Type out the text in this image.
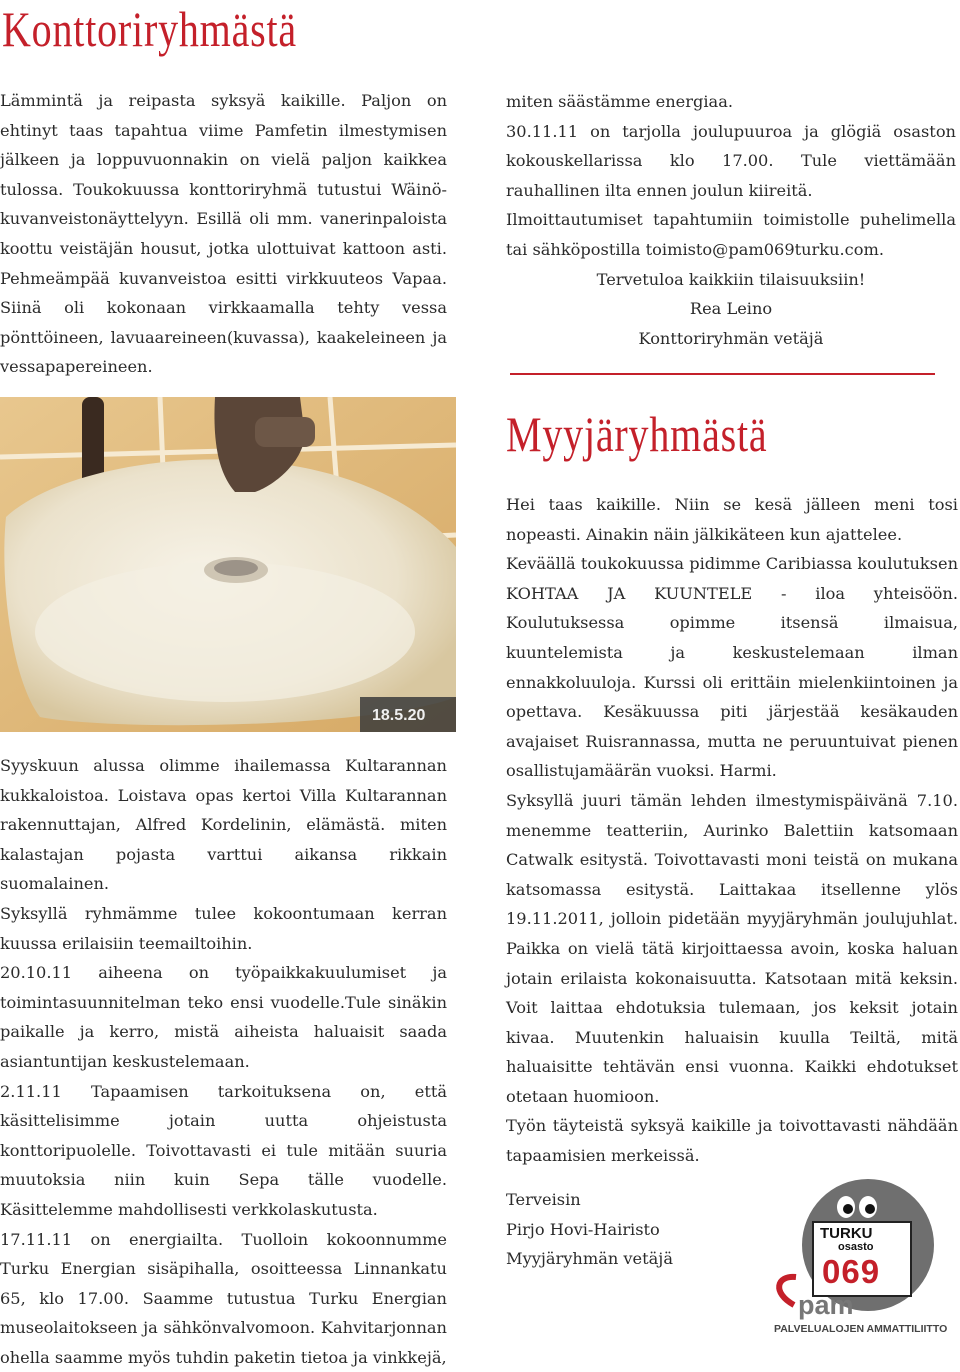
Konttoriryhmästä

Lämmintä ja reipasta syksyä kaikille. Paljon on ehtinyt taas tapahtua viime Pamfetin ilmestymisen jälkeen ja loppuvuonnakin on vielä paljon kaikkea tulossa. Toukokuussa konttoriryhmä tutustui Wäinö-kuvanveistonäyttelyyn. Esillä oli mm. vanerinpaloista koottu veistäjän housut, jotka ulottuivat kattoon asti. Pehmeämpää kuvanveistoa esitti virkkuuteos Vapaa. Siinä oli kokonaan virkkaamalla tehty vessa pönttöineen, lavuaareineen(kuvassa), kaakeleineen ja vessapapereineen.

18.5.20

Syyskuun alussa olimme ihailemassa Kultarannan kukkaloistoa. Loistava opas kertoi Villa Kultarannan rakennuttajan, Alfred Kordelinin, elämästä. miten kalastajan pojasta varttui aikansa rikkain suomalainen.

Syksyllä ryhmämme tulee kokoontumaan kerran kuussa erilaisiin teemailtoihin.

20.10.11 aiheena on työpaikkakuulumiset ja toimintasuunnitelman teko ensi vuodelle.Tule sinäkin paikalle ja kerro, mistä aiheista haluaisit saada asiantuntijan keskustelemaan.

2.11.11 Tapaamisen tarkoituksena on, että käsittelisimme jotain uutta ohjeistusta konttoripuolelle. Toivottavasti ei tule mitään suuria muutoksia niin kuin Sepa tälle vuodelle. Käsittelemme mahdollisesti verkkolaskutusta.

17.11.11 on energiailta. Tuolloin kokoonnumme Turku Energian sisäpihalla, osoitteessa Linnankatu 65, klo 17.00. Saamme tutustua Turku Energian museolaitokseen ja sähkönvalvomoon. Kahvitarjonnan ohella saamme myös tuhdin paketin tietoa ja vinkkejä,

miten säästämme energiaa.

30.11.11 on tarjolla joulupuuroa ja glögiä osaston kokouskellarissa klo 17.00. Tule viettämään rauhallinen ilta ennen joulun kiireitä.

Ilmoittautumiset tapahtumiin toimistolle puhelimella tai sähköpostilla toimisto@pam069turku.com.

Tervetuloa kaikkiin tilaisuuksiin!

Rea Leino

Konttoriryhmän vetäjä

Myyjäryhmästä

Hei taas kaikille. Niin se kesä jälleen meni tosi nopeasti. Ainakin näin jälkikäteen kun ajattelee.

Keväällä toukokuussa pidimme Caribiassa koulutuksen KOHTAA JA KUUNTELE - iloa yhteisöön. Koulutuksessa opimme itsensä ilmaisua, kuuntelemista ja keskustelemaan ilman ennakkoluuloja. Kurssi oli erittäin mielenkiintoinen ja opettava. Kesäkuussa piti järjestää kesäkauden avajaiset Ruisrannassa, mutta ne peruuntuivat pienen osallistujamäärän vuoksi. Harmi.

Syksyllä juuri tämän lehden ilmestymispäivänä 7.10. menemme teatteriin, Aurinko Balettiin katsomaan Catwalk esitystä. Toivottavasti moni teistä on mukana katsomassa esitystä. Laittakaa itsellenne ylös 19.11.2011, jolloin pidetään myyjäryhmän joulujuhlat. Paikka on vielä tätä kirjoittaessa avoin, koska haluan jotain erilaista kokonaisuutta. Katsotaan mitä keksin. Voit laittaa ehdotuksia tulemaan, jos keksit jotain kivaa. Muutenkin haluaisin kuulla Teiltä, mitä haluaisitte tehtävän ensi vuonna. Kaikki ehdotukset otetaan huomioon.

Työn täyteistä syksyä kaikille ja toivottavasti nähdään tapaamisien merkeissä.

Terveisin

Pirjo Hovi-Hairisto

Myyjäryhmän vetäjä

TURKU
osasto
069
pam
PALVELUALOJEN AMMATTILIITTO
